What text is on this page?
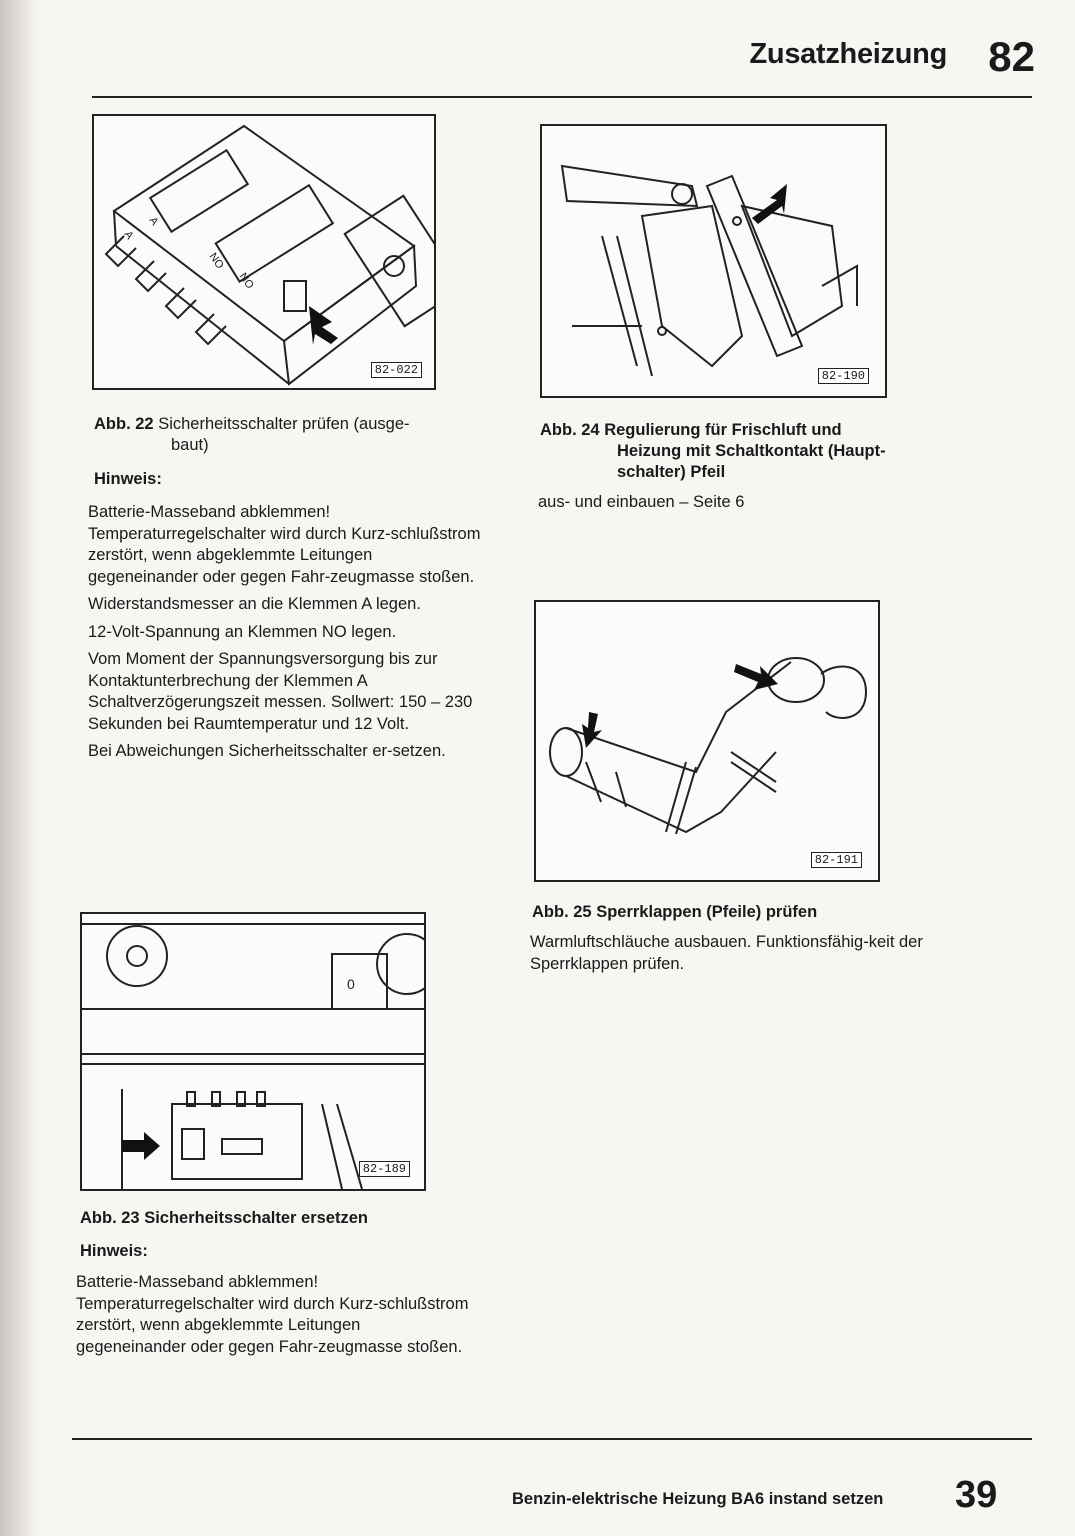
Zusatzheizung 82
A
A
NO
NO
82-022
Abb. 22 Sicherheitsschalter prüfen (ausge-
baut)
Hinweis:

Batterie-Masseband abklemmen! Temperaturregelschalter wird durch Kurz-schlußstrom zerstört, wenn abgeklemmte Leitungen gegeneinander oder gegen Fahr-zeugmasse stoßen.

Widerstandsmesser an die Klemmen A legen.

12-Volt-Spannung an Klemmen NO legen.

Vom Moment der Spannungsversorgung bis zur Kontaktunterbrechung der Klemmen A Schaltverzögerungszeit messen. Sollwert: 150 – 230 Sekunden bei Raumtemperatur und 12 Volt.

Bei Abweichungen Sicherheitsschalter er-setzen.

82-190
Abb. 24 Regulierung für Frischluft und
Heizung mit Schaltkontakt (Haupt-
schalter) Pfeil
aus- und einbauen – Seite 6
82-191
Abb. 25 Sperrklappen (Pfeile) prüfen
Warmluftschläuche ausbauen. Funktionsfähig-keit der Sperrklappen prüfen.
0
82-189
Abb. 23 Sicherheitsschalter ersetzen
Hinweis:
Batterie-Masseband abklemmen! Temperaturregelschalter wird durch Kurz-schlußstrom zerstört, wenn abgeklemmte Leitungen gegeneinander oder gegen Fahr-zeugmasse stoßen.
Benzin-elektrische Heizung BA6 instand setzen 39
